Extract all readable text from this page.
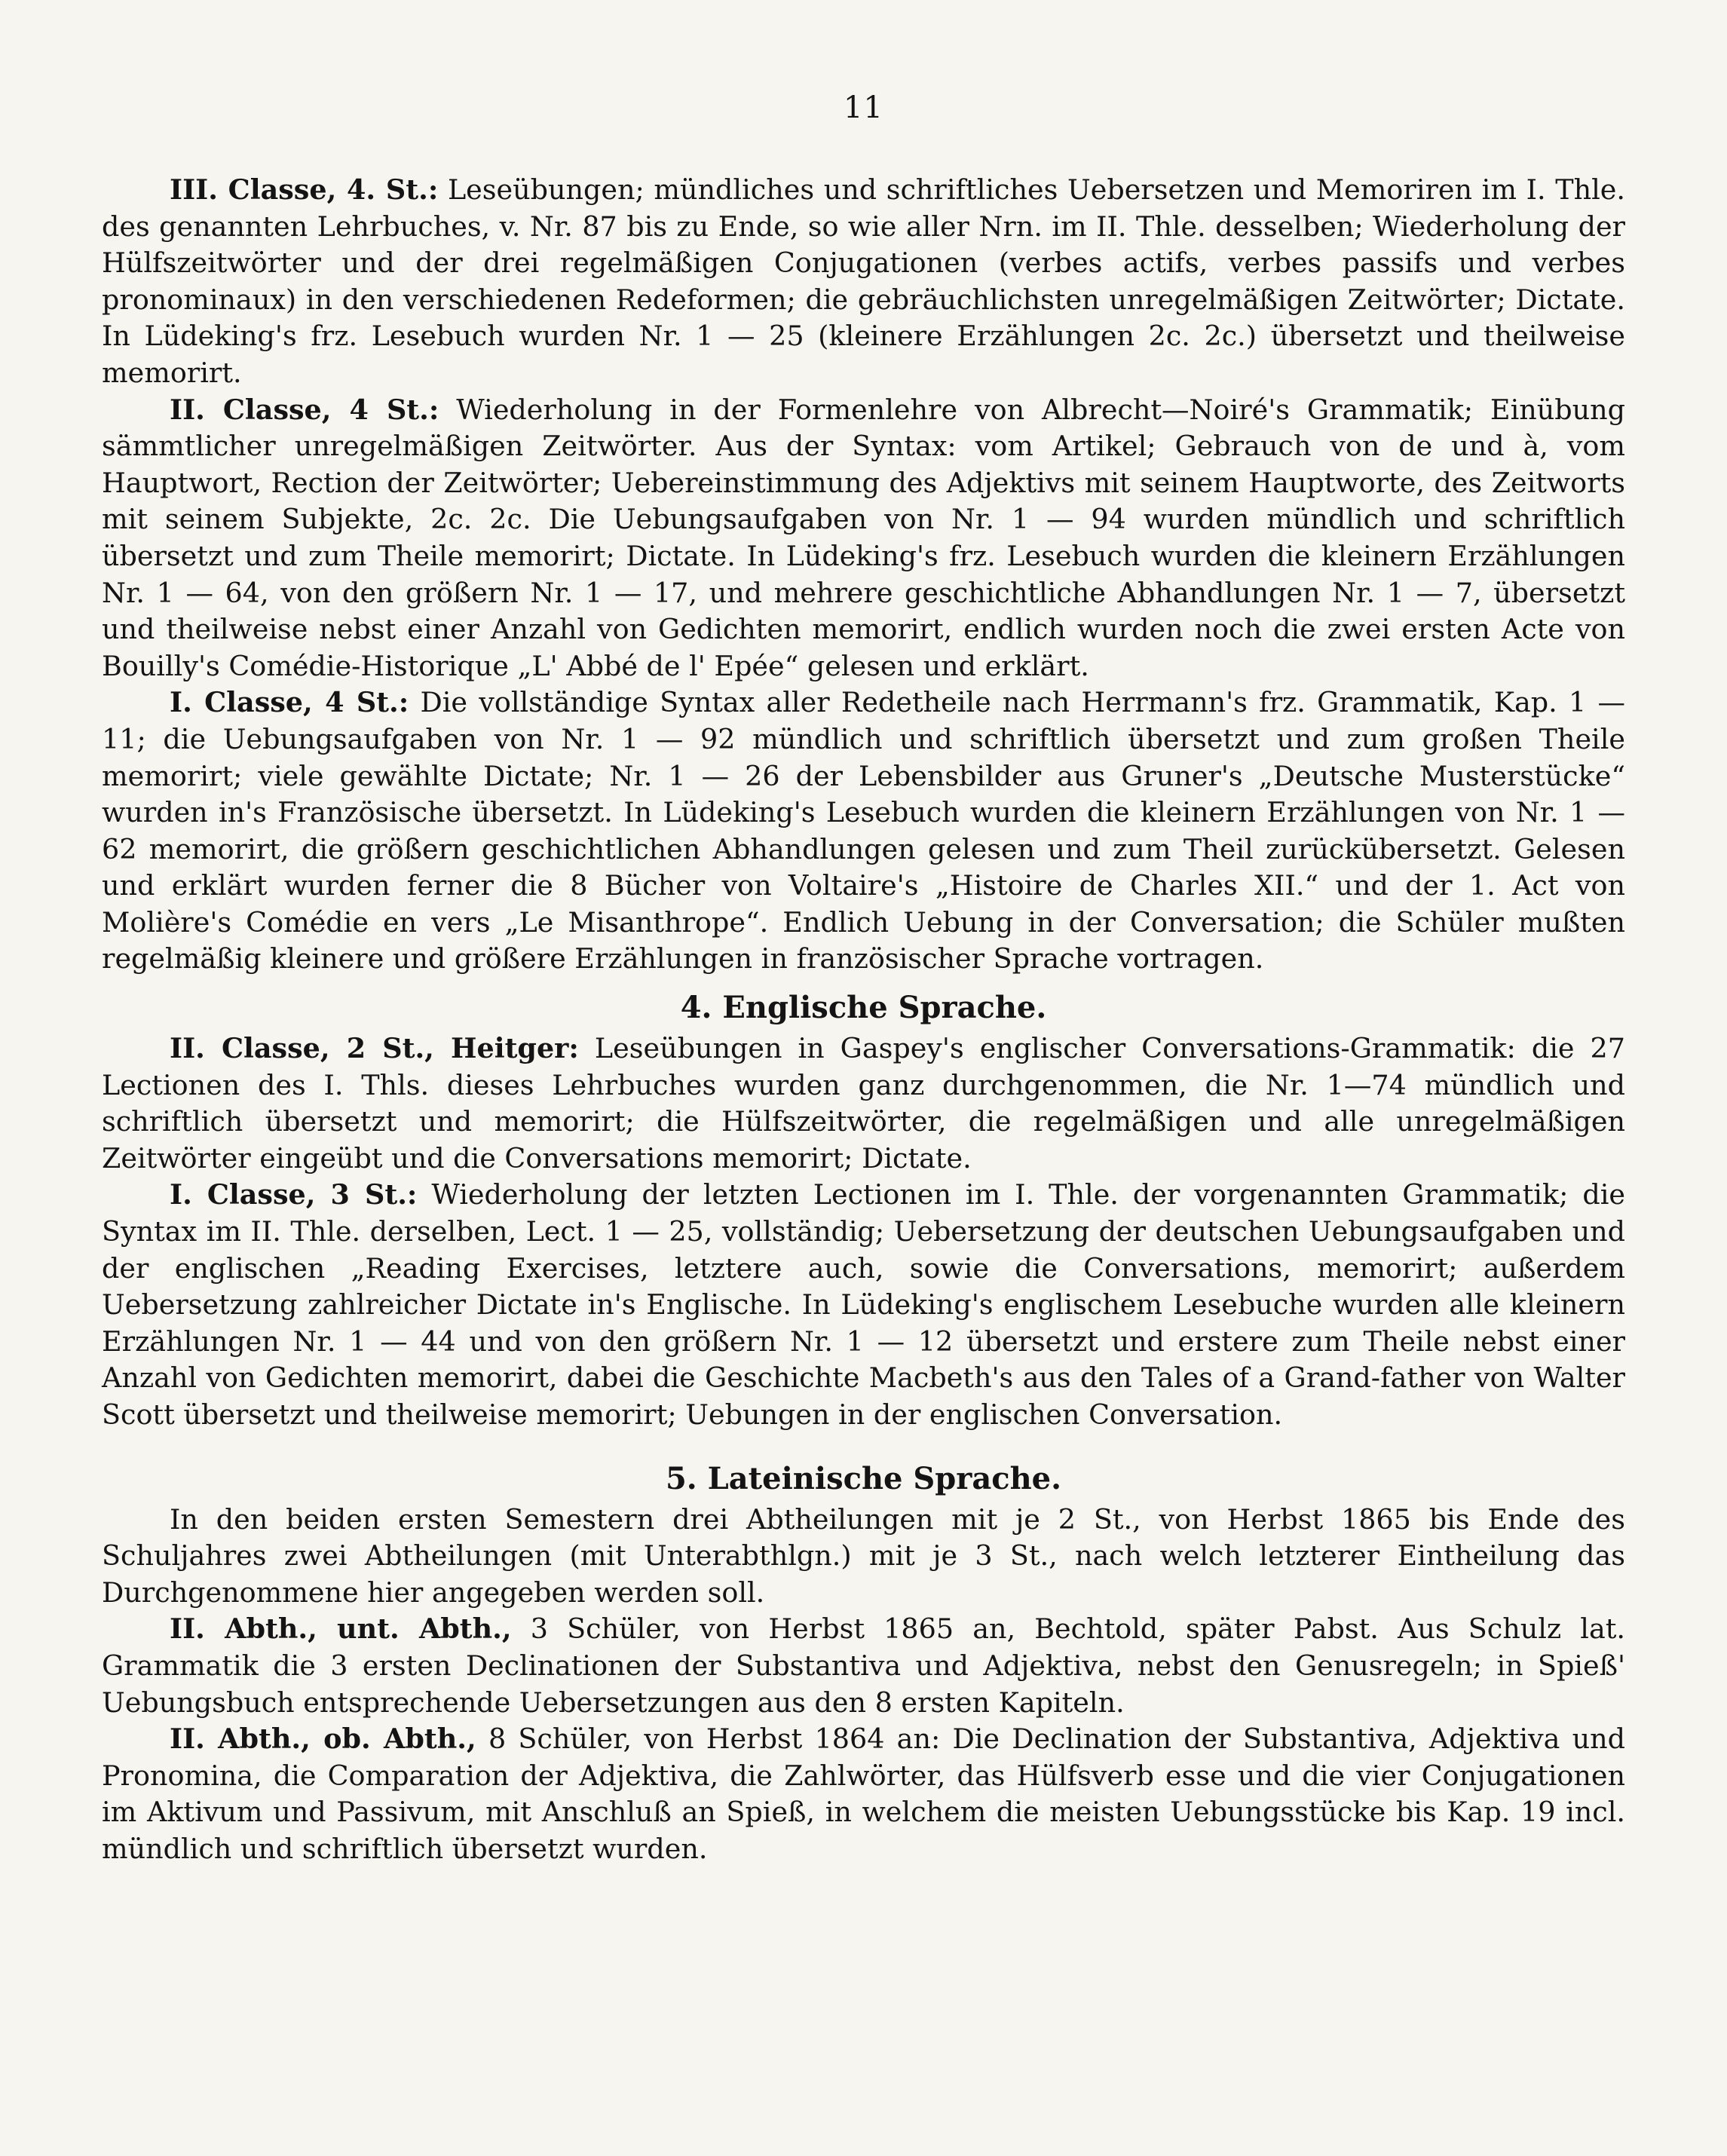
11

III. Classe, 4. St.: Leseübungen; mündliches und schriftliches Uebersetzen und Memoriren im I. Thle. des genannten Lehrbuches, v. Nr. 87 bis zu Ende, so wie aller Nrn. im II. Thle. desselben; Wiederholung der Hülfszeitwörter und der drei regelmäßigen Conjugationen (verbes actifs, verbes passifs und verbes pronominaux) in den verschiedenen Redeformen; die gebräuchlichsten unregelmäßigen Zeitwörter; Dictate. In Lüdeking's frz. Lesebuch wurden Nr. 1 — 25 (kleinere Erzählungen 2c. 2c.) übersetzt und theilweise memorirt.

II. Classe, 4 St.: Wiederholung in der Formenlehre von Albrecht—Noiré's Grammatik; Einübung sämmtlicher unregelmäßigen Zeitwörter. Aus der Syntax: vom Artikel; Gebrauch von de und à, vom Hauptwort, Rection der Zeitwörter; Uebereinstimmung des Adjektivs mit seinem Hauptworte, des Zeitworts mit seinem Subjekte, 2c. 2c. Die Uebungsaufgaben von Nr. 1 — 94 wurden mündlich und schriftlich übersetzt und zum Theile memorirt; Dictate. In Lüdeking's frz. Lesebuch wurden die kleinern Erzählungen Nr. 1 — 64, von den größern Nr. 1 — 17, und mehrere geschichtliche Abhandlungen Nr. 1 — 7, übersetzt und theilweise nebst einer Anzahl von Gedichten memorirt, endlich wurden noch die zwei ersten Acte von Bouilly's Comédie-Historique „L' Abbé de l' Epée“ gelesen und erklärt.

I. Classe, 4 St.: Die vollständige Syntax aller Redetheile nach Herrmann's frz. Grammatik, Kap. 1 — 11; die Uebungsaufgaben von Nr. 1 — 92 mündlich und schriftlich übersetzt und zum großen Theile memorirt; viele gewählte Dictate; Nr. 1 — 26 der Lebensbilder aus Gruner's „Deutsche Musterstücke“ wurden in's Französische übersetzt. In Lüdeking's Lesebuch wurden die kleinern Erzählungen von Nr. 1 — 62 memorirt, die größern geschichtlichen Abhandlungen gelesen und zum Theil zurückübersetzt. Gelesen und erklärt wurden ferner die 8 Bücher von Voltaire's „Histoire de Charles XII.“ und der 1. Act von Molière's Comédie en vers „Le Misanthrope“. Endlich Uebung in der Conversation; die Schüler mußten regelmäßig kleinere und größere Erzählungen in französischer Sprache vortragen.

4. Englische Sprache.

II. Classe, 2 St., Heitger: Leseübungen in Gaspey's englischer Conversations-Grammatik: die 27 Lectionen des I. Thls. dieses Lehrbuches wurden ganz durchgenommen, die Nr. 1—74 mündlich und schriftlich übersetzt und memorirt; die Hülfszeitwörter, die regelmäßigen und alle unregelmäßigen Zeitwörter eingeübt und die Conversations memorirt; Dictate.

I. Classe, 3 St.: Wiederholung der letzten Lectionen im I. Thle. der vorgenannten Grammatik; die Syntax im II. Thle. derselben, Lect. 1 — 25, vollständig; Uebersetzung der deutschen Uebungsaufgaben und der englischen „Reading Exercises, letztere auch, sowie die Conversations, memorirt; außerdem Uebersetzung zahlreicher Dictate in's Englische. In Lüdeking's englischem Lesebuche wurden alle kleinern Erzählungen Nr. 1 — 44 und von den größern Nr. 1 — 12 übersetzt und erstere zum Theile nebst einer Anzahl von Gedichten memorirt, dabei die Geschichte Macbeth's aus den Tales of a Grand-father von Walter Scott übersetzt und theilweise memorirt; Uebungen in der englischen Conversation.

5. Lateinische Sprache.

In den beiden ersten Semestern drei Abtheilungen mit je 2 St., von Herbst 1865 bis Ende des Schuljahres zwei Abtheilungen (mit Unterabthlgn.) mit je 3 St., nach welch letzterer Eintheilung das Durchgenommene hier angegeben werden soll.

II. Abth., unt. Abth., 3 Schüler, von Herbst 1865 an, Bechtold, später Pabst. Aus Schulz lat. Grammatik die 3 ersten Declinationen der Substantiva und Adjektiva, nebst den Genusregeln; in Spieß' Uebungsbuch entsprechende Uebersetzungen aus den 8 ersten Kapiteln.

II. Abth., ob. Abth., 8 Schüler, von Herbst 1864 an: Die Declination der Substantiva, Adjektiva und Pronomina, die Comparation der Adjektiva, die Zahlwörter, das Hülfsverb esse und die vier Conjugationen im Aktivum und Passivum, mit Anschluß an Spieß, in welchem die meisten Uebungsstücke bis Kap. 19 incl. mündlich und schriftlich übersetzt wurden.
